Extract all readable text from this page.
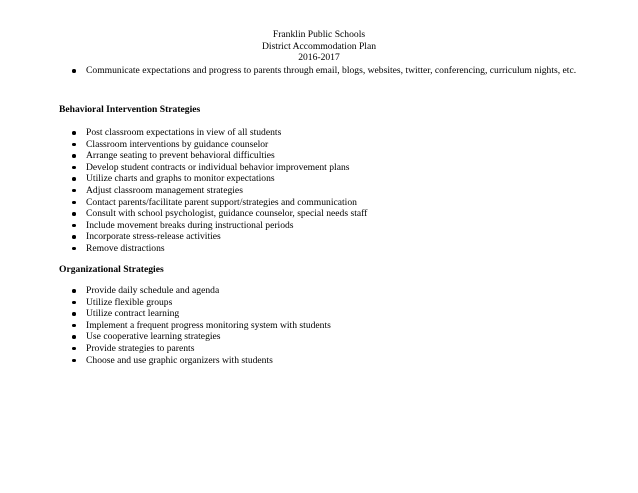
Franklin Public Schools
District Accommodation Plan
2016-2017
Communicate expectations and progress to parents through email, blogs, websites, twitter, conferencing, curriculum nights, etc.
Behavioral Intervention Strategies
Post classroom expectations in view of all students
Classroom interventions by guidance counselor
Arrange seating to prevent behavioral difficulties
Develop student contracts or individual behavior improvement plans
Utilize charts and graphs to monitor expectations
Adjust classroom management strategies
Contact parents/facilitate parent support/strategies and communication
Consult with school psychologist, guidance counselor, special needs staff
Include movement breaks during instructional periods
Incorporate stress-release activities
Remove distractions
Organizational Strategies
Provide daily schedule and agenda
Utilize flexible groups
Utilize contract learning
Implement a frequent progress monitoring system with students
Use cooperative learning strategies
Provide strategies to parents
Choose and use graphic organizers with students
